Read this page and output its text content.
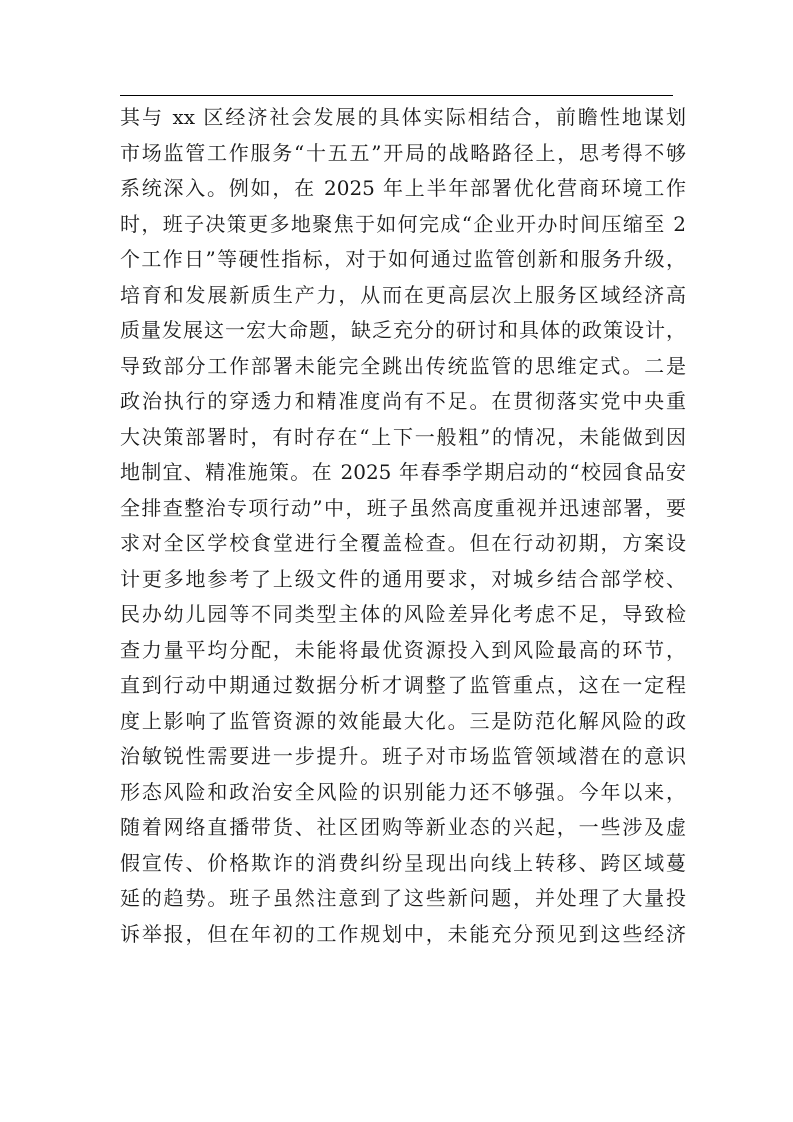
其与 xx 区经济社会发展的具体实际相结合，前瞻性地谋划
市场监管工作服务“十五五”开局的战略路径上，思考得不够
系统深入。例如，在 2025 年上半年部署优化营商环境工作
时，班子决策更多地聚焦于如何完成“企业开办时间压缩至 2
个工作日”等硬性指标，对于如何通过监管创新和服务升级，
培育和发展新质生产力，从而在更高层次上服务区域经济高
质量发展这一宏大命题，缺乏充分的研讨和具体的政策设计，
导致部分工作部署未能完全跳出传统监管的思维定式。二是
政治执行的穿透力和精准度尚有不足。在贯彻落实党中央重
大决策部署时，有时存在“上下一般粗”的情况，未能做到因
地制宜、精准施策。在 2025 年春季学期启动的“校园食品安
全排查整治专项行动”中，班子虽然高度重视并迅速部署，要
求对全区学校食堂进行全覆盖检查。但在行动初期，方案设
计更多地参考了上级文件的通用要求，对城乡结合部学校、
民办幼儿园等不同类型主体的风险差异化考虑不足，导致检
查力量平均分配，未能将最优资源投入到风险最高的环节，
直到行动中期通过数据分析才调整了监管重点，这在一定程
度上影响了监管资源的效能最大化。三是防范化解风险的政
治敏锐性需要进一步提升。班子对市场监管领域潜在的意识
形态风险和政治安全风险的识别能力还不够强。今年以来，
随着网络直播带货、社区团购等新业态的兴起，一些涉及虚
假宣传、价格欺诈的消费纠纷呈现出向线上转移、跨区域蔓
延的趋势。班子虽然注意到了这些新问题，并处理了大量投
诉举报，但在年初的工作规划中，未能充分预见到这些经济
